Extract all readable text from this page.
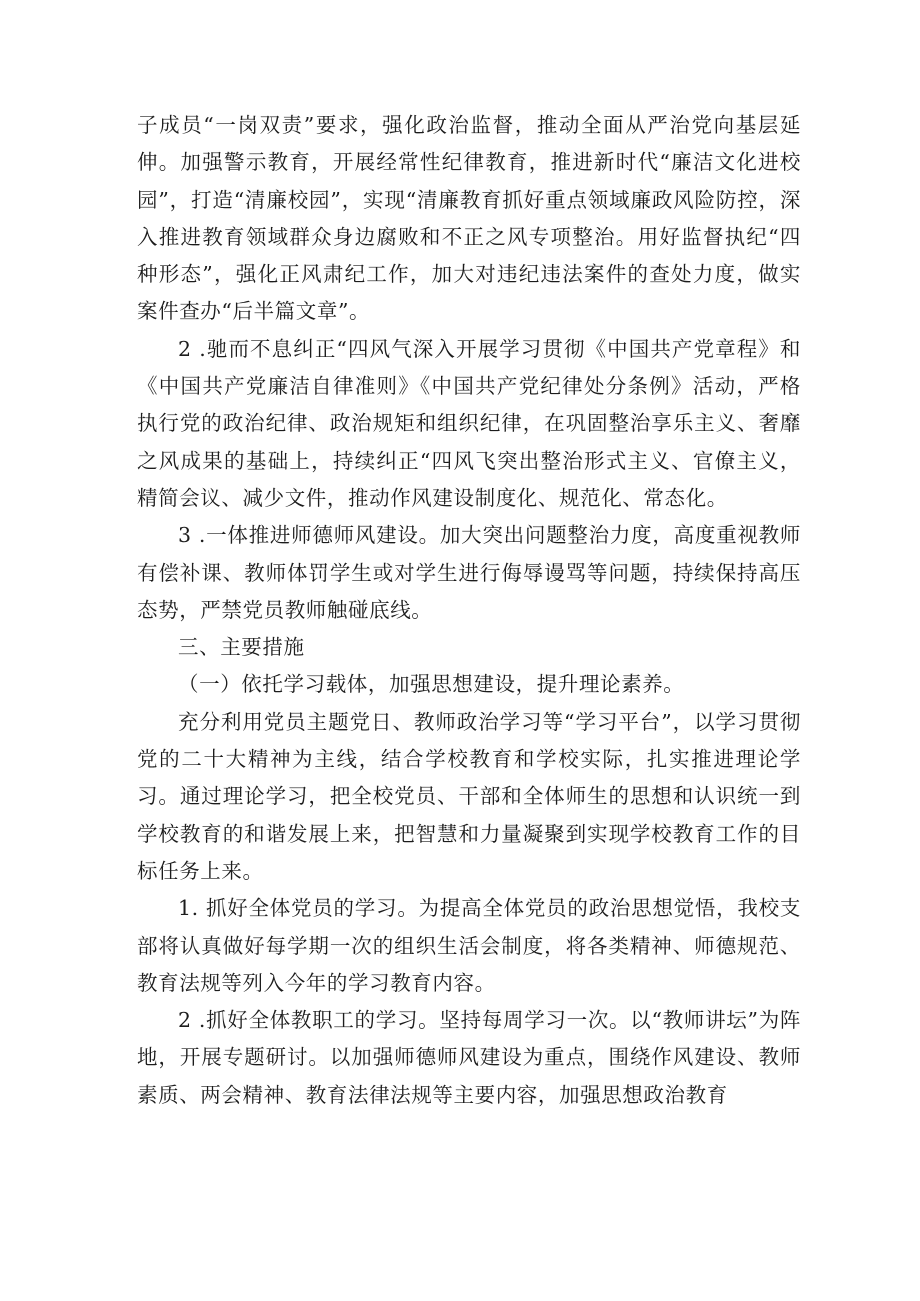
子成员“一岗双责”要求，强化政治监督，推动全面从严治党向基层延伸。加强警示教育，开展经常性纪律教育，推进新时代“廉洁文化进校园”，打造“清廉校园”，实现“清廉教育抓好重点领域廉政风险防控，深入推进教育领域群众身边腐败和不正之风专项整治。用好监督执纪“四种形态”，强化正风肃纪工作，加大对违纪违法案件的查处力度，做实案件查办“后半篇文章”。

2 .驰而不息纠正“四风气深入开展学习贯彻《中国共产党章程》和《中国共产党廉洁自律准则》《中国共产党纪律处分条例》活动，严格执行党的政治纪律、政治规矩和组织纪律，在巩固整治享乐主义、奢靡之风成果的基础上，持续纠正“四风飞突出整治形式主义、官僚主义，精简会议、减少文件，推动作风建设制度化、规范化、常态化。

3 .一体推进师德师风建设。加大突出问题整治力度，高度重视教师有偿补课、教师体罚学生或对学生进行侮辱谩骂等问题，持续保持高压态势，严禁党员教师触碰底线。

三、主要措施

（一）依托学习载体，加强思想建设，提升理论素养。

充分利用党员主题党日、教师政治学习等“学习平台”，以学习贯彻党的二十大精神为主线，结合学校教育和学校实际，扎实推进理论学习。通过理论学习，把全校党员、干部和全体师生的思想和认识统一到学校教育的和谐发展上来，把智慧和力量凝聚到实现学校教育工作的目标任务上来。

1. 抓好全体党员的学习。为提高全体党员的政治思想觉悟，我校支部将认真做好每学期一次的组织生活会制度，将各类精神、师德规范、教育法规等列入今年的学习教育内容。

2 .抓好全体教职工的学习。坚持每周学习一次。以“教师讲坛”为阵地，开展专题研讨。以加强师德师风建设为重点，围绕作风建设、教师素质、两会精神、教育法律法规等主要内容，加强思想政治教育
